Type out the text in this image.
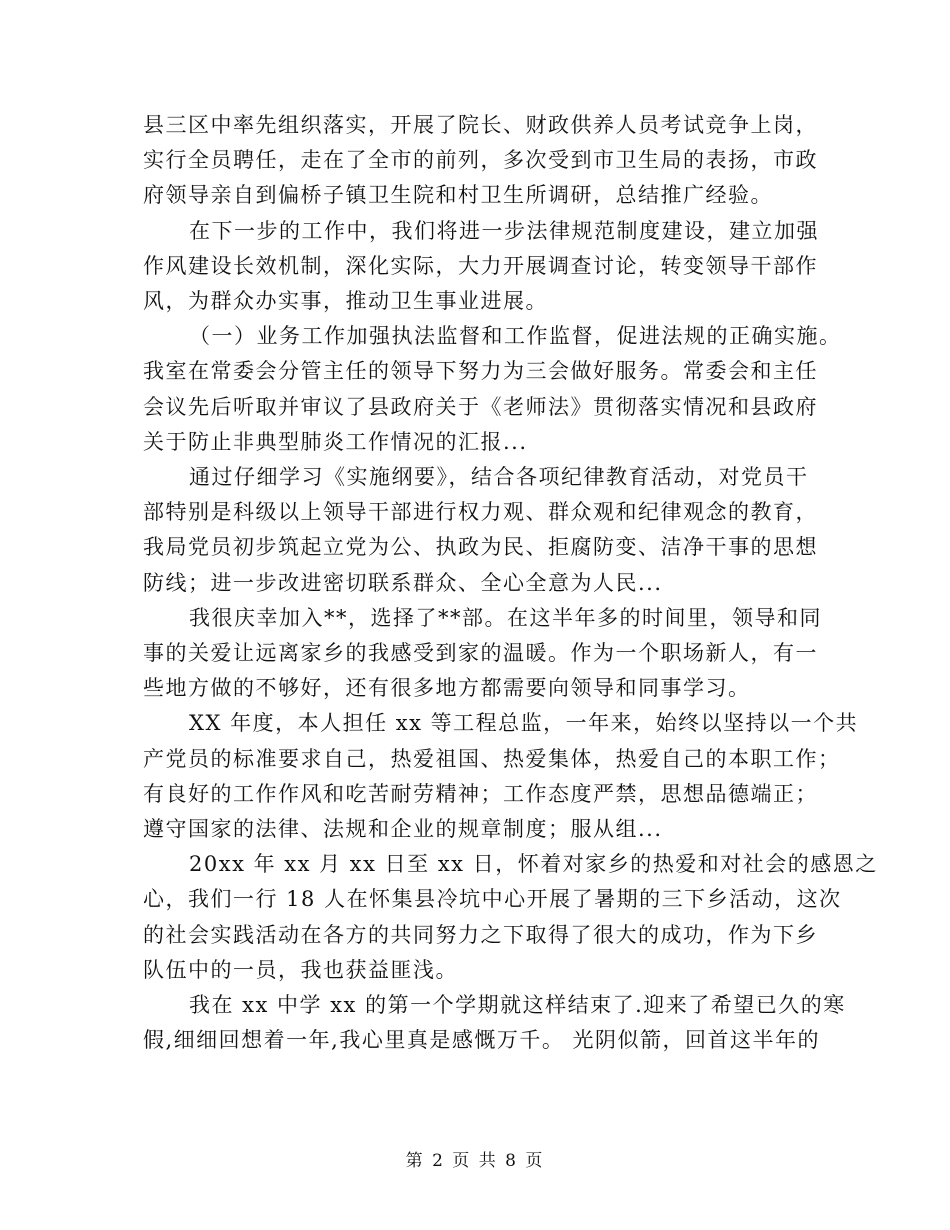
县三区中率先组织落实，开展了院长、财政供养人员考试竞争上岗，
实行全员聘任，走在了全市的前列，多次受到市卫生局的表扬，市政
府领导亲自到偏桥子镇卫生院和村卫生所调研，总结推广经验。

在下一步的工作中，我们将进一步法律规范制度建设，建立加强
作风建设长效机制，深化实际，大力开展调查讨论，转变领导干部作
风，为群众办实事，推动卫生事业进展。

（一）业务工作加强执法监督和工作监督，促进法规的正确实施。
我室在常委会分管主任的领导下努力为三会做好服务。常委会和主任
会议先后听取并审议了县政府关于《老师法》贯彻落实情况和县政府
关于防止非典型肺炎工作情况的汇报...

通过仔细学习《实施纲要》，结合各项纪律教育活动，对党员干
部特别是科级以上领导干部进行权力观、群众观和纪律观念的教育，
我局党员初步筑起立党为公、执政为民、拒腐防变、洁净干事的思想
防线；进一步改进密切联系群众、全心全意为人民...

我很庆幸加入**，选择了**部。在这半年多的时间里，领导和同
事的关爱让远离家乡的我感受到家的温暖。作为一个职场新人，有一
些地方做的不够好，还有很多地方都需要向领导和同事学习。

XX 年度，本人担任 xx 等工程总监，一年来，始终以坚持以一个共
产党员的标准要求自己，热爱祖国、热爱集体，热爱自己的本职工作；
有良好的工作作风和吃苦耐劳精神；工作态度严禁，思想品德端正；
遵守国家的法律、法规和企业的规章制度；服从组...

20xx 年 xx 月 xx 日至 xx 日，怀着对家乡的热爱和对社会的感恩之
心，我们一行 18 人在怀集县冷坑中心开展了暑期的三下乡活动，这次
的社会实践活动在各方的共同努力之下取得了很大的成功，作为下乡
队伍中的一员，我也获益匪浅。

我在 xx 中学 xx 的第一个学期就这样结束了.迎来了希望已久的寒
假,细细回想着一年,我心里真是感慨万千。 光阴似箭，回首这半年的

第 2 页 共 8 页
